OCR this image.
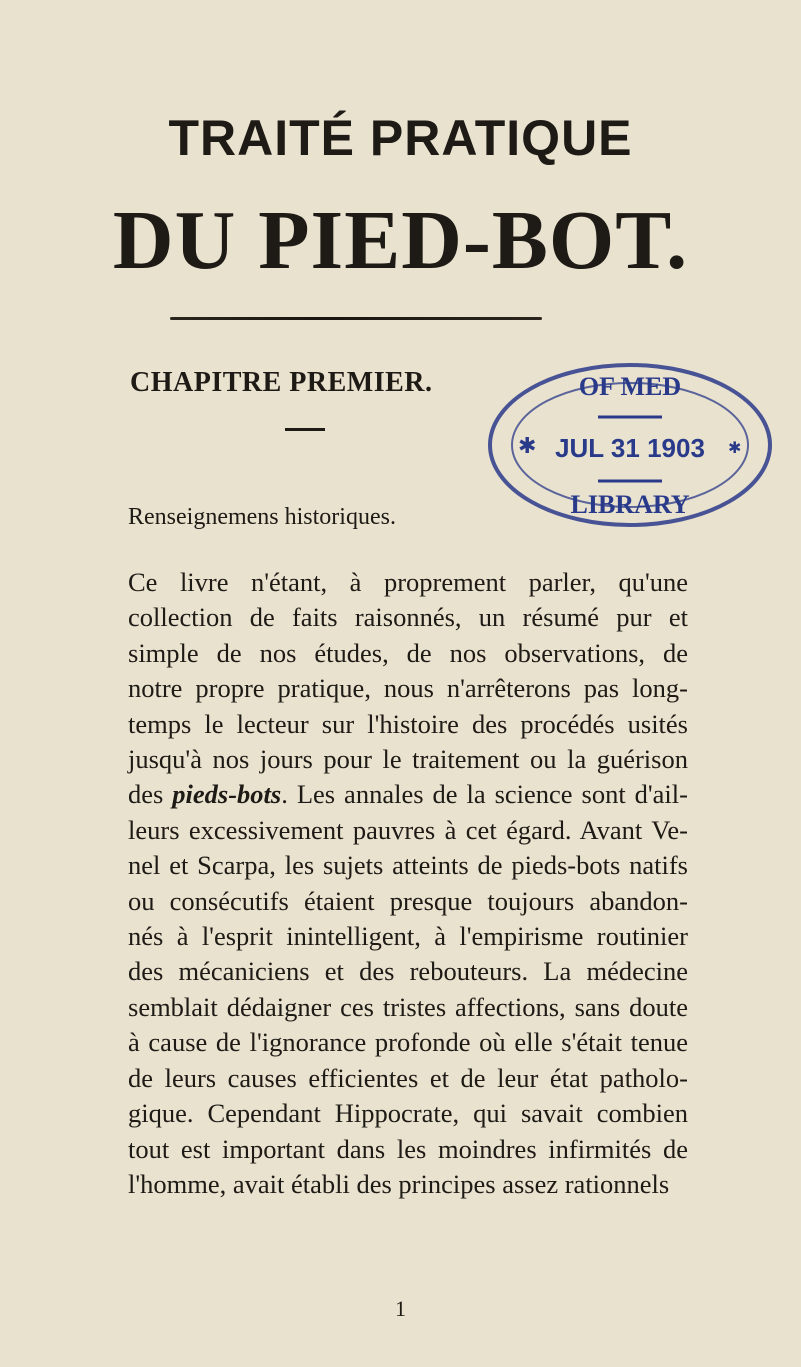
TRAITÉ PRATIQUE
DU PIED-BOT.
CHAPITRE PREMIER.
Renseignemens historiques.
OF MED
JUL 31 1903
LIBRARY
✱	✱

Ce livre n'étant, à proprement parler, qu'une
collection de faits raisonnés, un résumé pur et
simple de nos études, de nos observations, de
notre propre pratique, nous n'arrêterons pas long-
temps le lecteur sur l'histoire des procédés usités
jusqu'à nos jours pour le traitement ou la guérison
des pieds-bots. Les annales de la science sont d'ail-
leurs excessivement pauvres à cet égard. Avant Ve-
nel et Scarpa, les sujets atteints de pieds-bots natifs
ou consécutifs étaient presque toujours abandon-
nés à l'esprit inintelligent, à l'empirisme routinier
des mécaniciens et des rebouteurs. La médecine
semblait dédaigner ces tristes affections, sans doute
à cause de l'ignorance profonde où elle s'était tenue
de leurs causes efficientes et de leur état patholo-
gique. Cependant Hippocrate, qui savait combien
tout est important dans les moindres infirmités de
l'homme, avait établi des principes assez rationnels

1
